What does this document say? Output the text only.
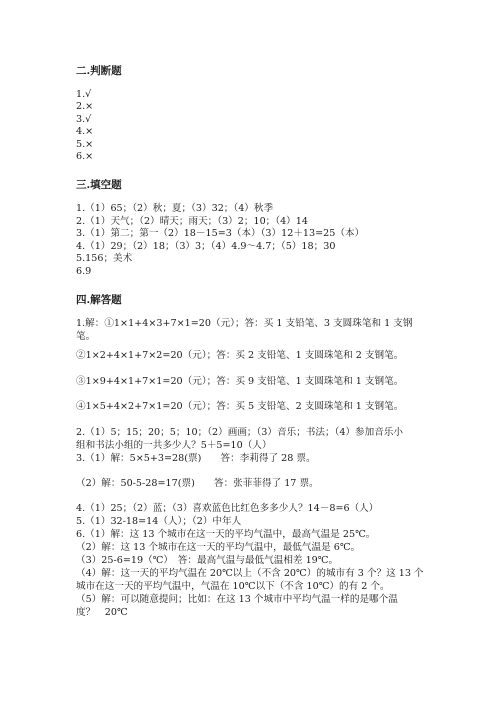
二.判断题
1.√
2.×
3.√
4.×
5.×
6.×
三.填空题
1.（1）65；（2）秋；夏；（3）32；（4）秋季
2.（1）天气；（2）晴天；雨天；（3）2；10；（4）14
3.（1）第二；第一（2）18－15=3（本）（3）12＋13=25（本）
4.（1）29；（2）18；（3）3；（4）4.9～4.7；（5）18；30
5.156；美术
6.9
四.解答题
1.解：①1×1+4×3+7×1=20（元）；答：买 1 支铅笔、3 支圆珠笔和 1 支钢
笔。
②1×2+4×1+7×2=20（元）；答：买 2 支铅笔、1 支圆珠笔和 2 支钢笔。
③1×9+4×1+7×1=20（元）；答：买 9 支铅笔、1 支圆珠笔和 1 支钢笔。
④1×5+4×2+7×1=20（元）；答：买 5 支铅笔、2 支圆珠笔和 1 支钢笔。
2.（1）5；15；20；5；10；（2）画画；（3）音乐；书法；（4）参加音乐小
组和书法小组的一共多少人？5＋5=10（人）
3.（1）解：5×5+3=28(票)　　答：李莉得了 28 票。
（2）解：50-5-28=17(票)　　答：张菲菲得了 17 票。
4.（1）25；（2）蓝；（3）喜欢蓝色比红色多多少人？14－8=6（人）
5.（1）32-18=14（人）；（2）中年人
6.（1）解：这 13 个城市在这一天的平均气温中，最高气温是 25℃。
（2）解：这 13 个城市在这一天的平均气温中，最低气温是 6℃。
（3）25-6=19（℃）　答：最高气温与最低气温相差 19℃。
（4）解：这一天的平均气温在 20℃以上（不含 20℃）的城市有 3 个？这 13 个
城市在这一天的平均气温中，气温在 10℃以下（不含 10℃）的有 2 个。
（5）解：可以随意提问；比如：在这 13 个城市中平均气温一样的是哪个温
度？　20℃
